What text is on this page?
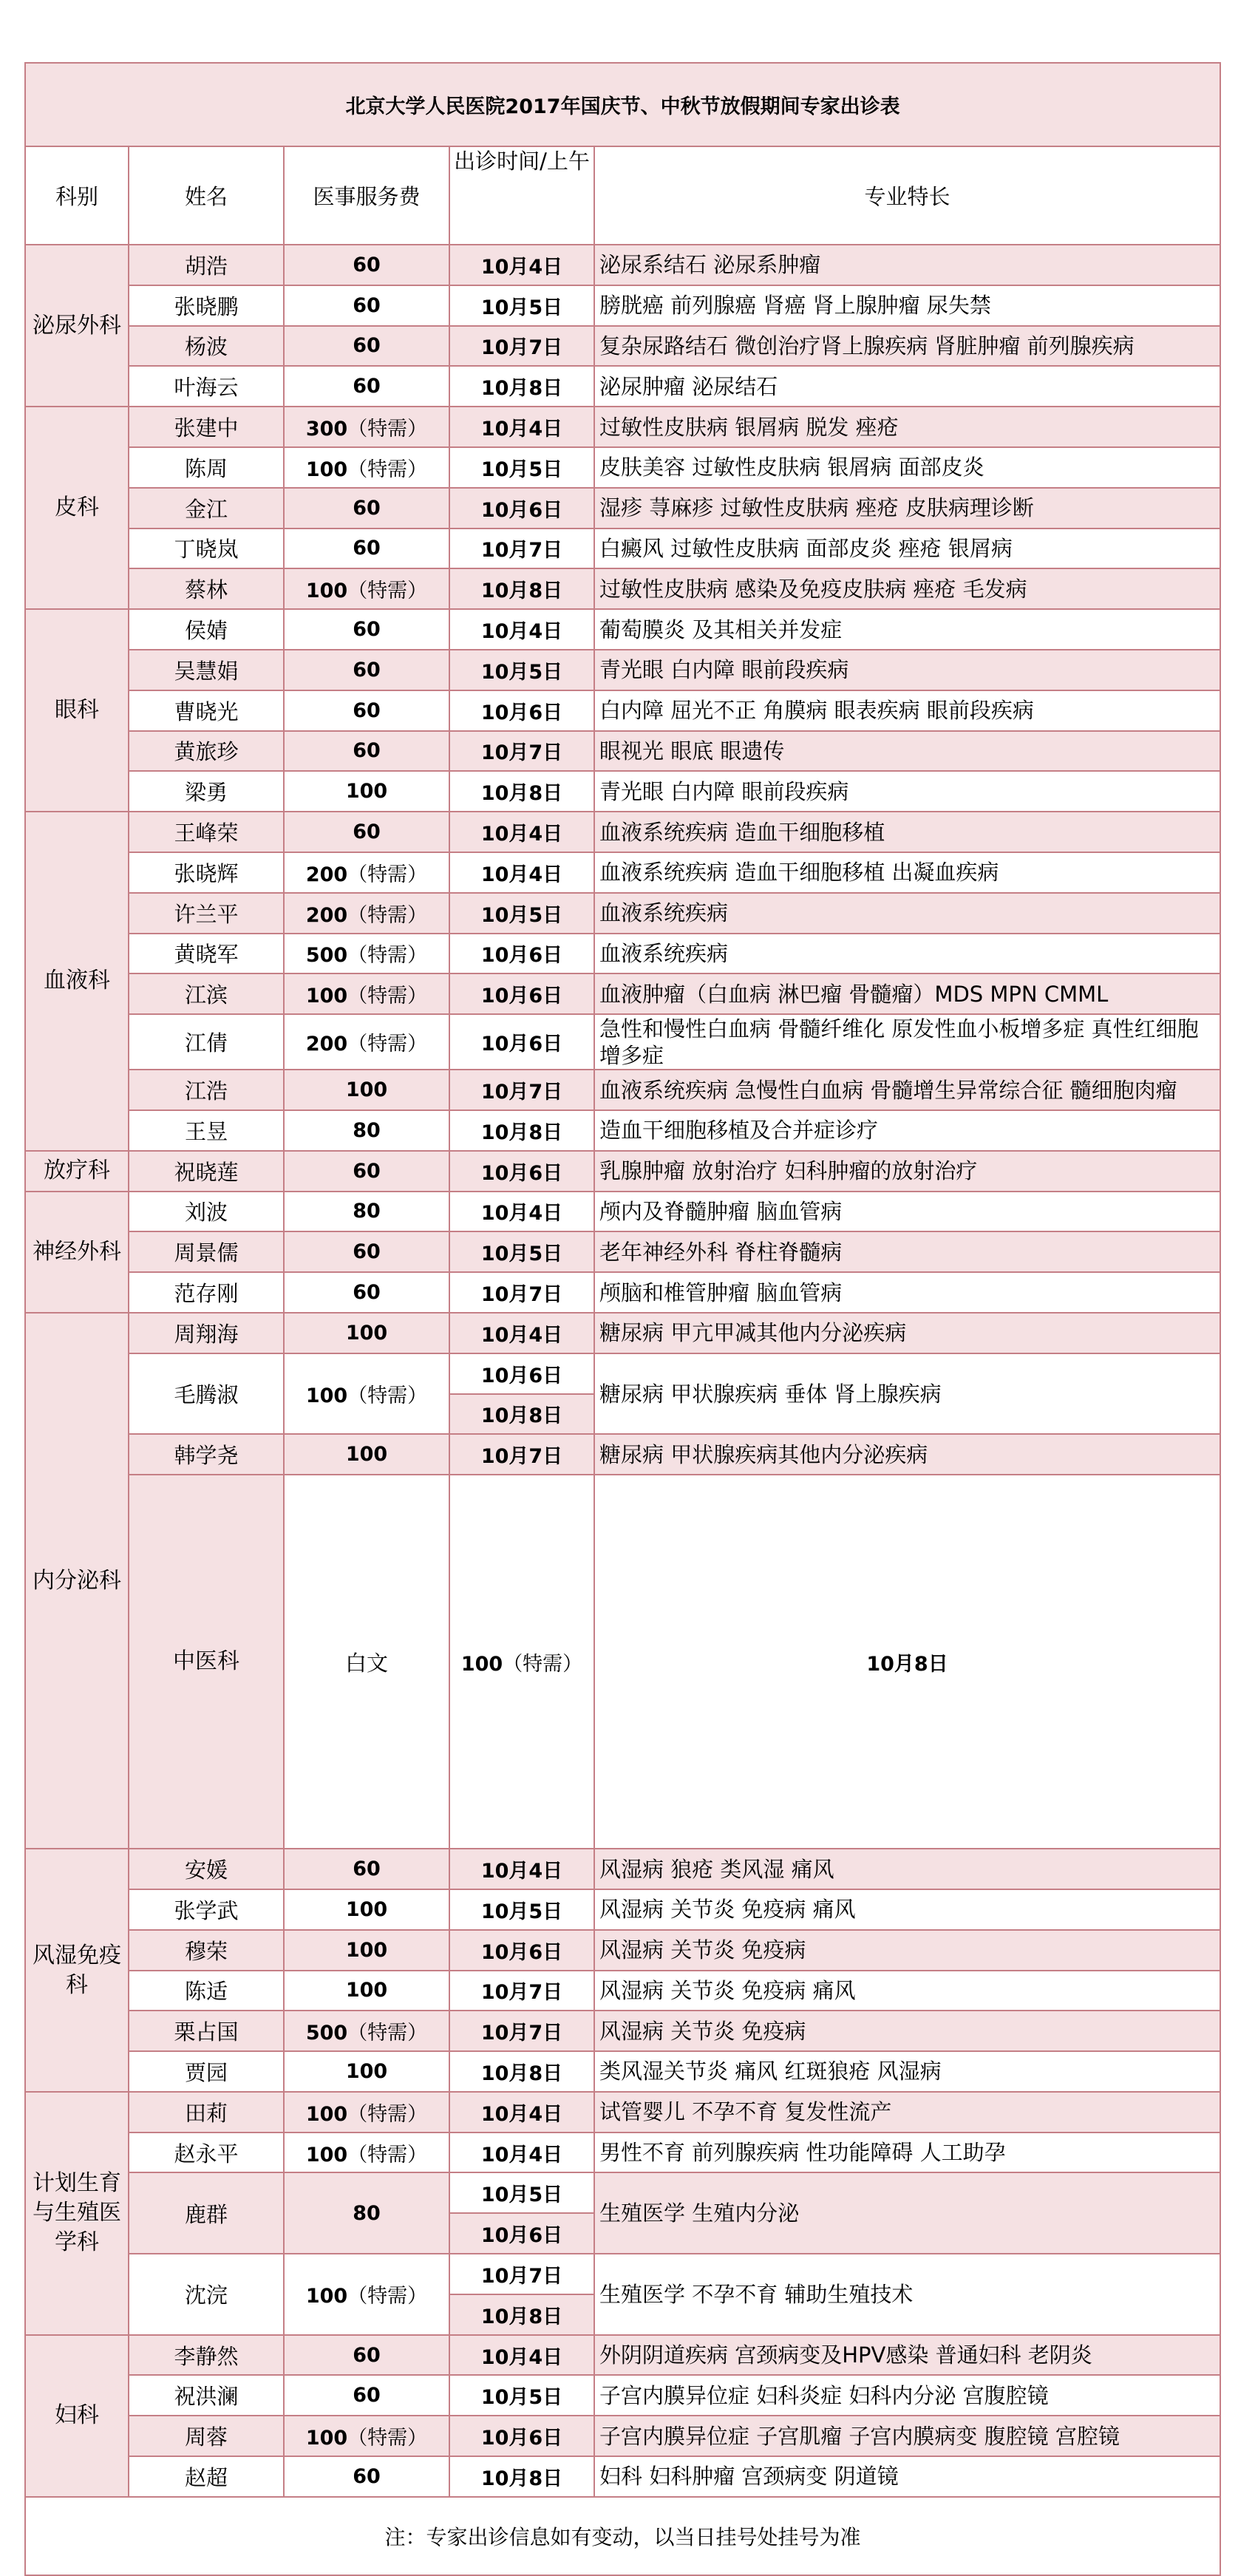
北京大学人民医院2017年国庆节、中秋节放假期间专家出诊表					
科别	姓名	医事服务费	出诊时间/上午	专业特长	
泌尿外科	胡浩	60	10月4日	泌尿系结石 泌尿系肿瘤	
	张晓鹏	60	10月5日	膀胱癌 前列腺癌 肾癌 肾上腺肿瘤 尿失禁	
	杨波	60	10月7日	复杂尿路结石 微创治疗肾上腺疾病 肾脏肿瘤 前列腺疾病	
	叶海云	60	10月8日	泌尿肿瘤 泌尿结石	
皮科	张建中	300（特需）	10月4日	过敏性皮肤病 银屑病 脱发 痤疮	
	陈周	100（特需）	10月5日	皮肤美容 过敏性皮肤病 银屑病 面部皮炎	
	金江	60	10月6日	湿疹 荨麻疹 过敏性皮肤病 痤疮 皮肤病理诊断	
	丁晓岚	60	10月7日	白癜风 过敏性皮肤病 面部皮炎 痤疮 银屑病	
	蔡林	100（特需）	10月8日	过敏性皮肤病 感染及免疫皮肤病 痤疮 毛发病	
眼科	侯婧	60	10月4日	葡萄膜炎 及其相关并发症	
	吴慧娟	60	10月5日	青光眼 白内障 眼前段疾病	
	曹晓光	60	10月6日	白内障 屈光不正 角膜病 眼表疾病 眼前段疾病	
	黄旅珍	60	10月7日	眼视光 眼底 眼遗传	
	梁勇	100	10月8日	青光眼 白内障 眼前段疾病	
血液科	王峰荣	60	10月4日	血液系统疾病 造血干细胞移植	
	张晓辉	200（特需）	10月4日	血液系统疾病 造血干细胞移植 出凝血疾病	
	许兰平	200（特需）	10月5日	血液系统疾病	
	黄晓军	500（特需）	10月6日	血液系统疾病	
	江滨	100（特需）	10月6日	血液肿瘤（白血病 淋巴瘤 骨髓瘤）MDS MPN CMML	
	江倩	200（特需）	10月6日	急性和慢性白血病 骨髓纤维化 原发性血小板增多症 真性红细胞增多症	
	江浩	100	10月7日	血液系统疾病 急慢性白血病 骨髓增生异常综合征 髓细胞肉瘤	
	王昱	80	10月8日	造血干细胞移植及合并症诊疗	
放疗科	祝晓莲	60	10月6日	乳腺肿瘤 放射治疗 妇科肿瘤的放射治疗	
神经外科	刘波	80	10月4日	颅内及脊髓肿瘤 脑血管病	
	周景儒	60	10月5日	老年神经外科 脊柱脊髓病	
	范存刚	60	10月7日	颅脑和椎管肿瘤 脑血管病	
内分泌科	周翔海	100	10月4日	糖尿病 甲亢甲减其他内分泌疾病	
	毛腾淑	100（特需）	10月6日	糖尿病 甲状腺疾病 垂体 肾上腺疾病	
			10月8日		
	韩学尧	100	10月7日	糖尿病 甲状腺疾病其他内分泌疾病	
	中医科	白文	100（特需）	10月8日	
风湿免疫科	安媛	60	10月4日	风湿病 狼疮 类风湿 痛风	
	张学武	100	10月5日	风湿病 关节炎 免疫病 痛风	
	穆荣	100	10月6日	风湿病 关节炎 免疫病	
	陈适	100	10月7日	风湿病 关节炎 免疫病 痛风	
	栗占国	500（特需）	10月7日	风湿病 关节炎 免疫病	
	贾园	100	10月8日	类风湿关节炎 痛风 红斑狼疮 风湿病	
计划生育与生殖医学科	田莉	100（特需）	10月4日	试管婴儿 不孕不育 复发性流产	
	赵永平	100（特需）	10月4日	男性不育 前列腺疾病 性功能障碍 人工助孕	
	鹿群	80	10月5日	生殖医学 生殖内分泌	
			10月6日		
	沈浣	100（特需）	10月7日	生殖医学 不孕不育 辅助生殖技术	
			10月8日		
妇科	李静然	60	10月4日	外阴阴道疾病 宫颈病变及HPV感染 普通妇科 老阴炎	
	祝洪澜	60	10月5日	子宫内膜异位症 妇科炎症 妇科内分泌 宫腹腔镜	
	周蓉	100（特需）	10月6日	子宫内膜异位症 子宫肌瘤 子宫内膜病变 腹腔镜 宫腔镜	
	赵超	60	10月8日	妇科 妇科肿瘤 宫颈病变 阴道镜	
注：专家出诊信息如有变动，以当日挂号处挂号为准					
